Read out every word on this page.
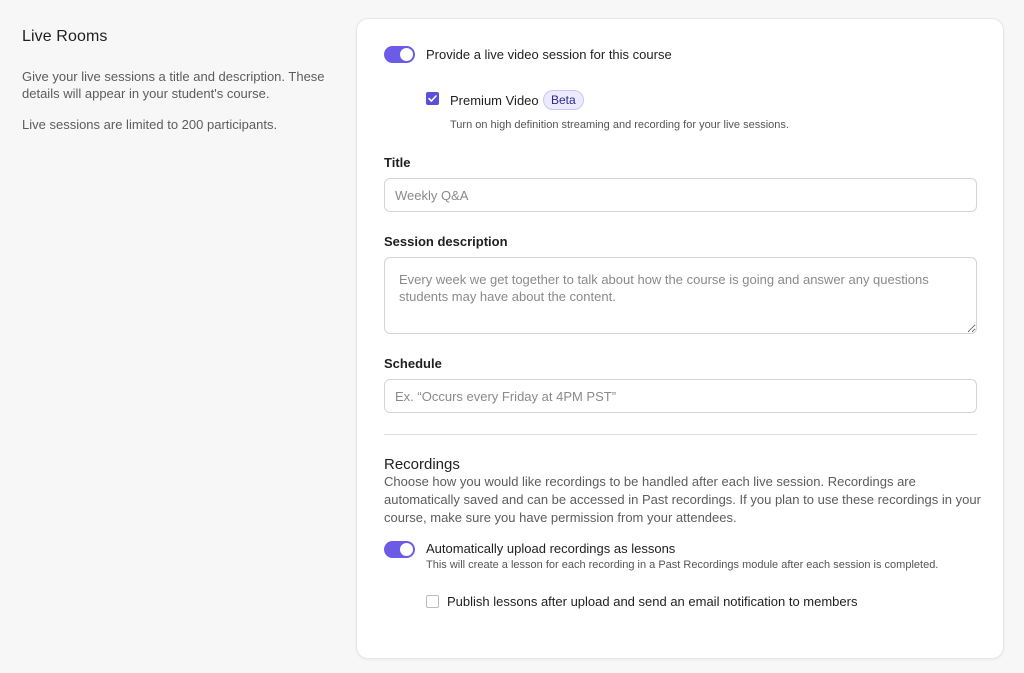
Live Rooms

Give your live sessions a title and description. These details will appear in your student's course.

Live sessions are limited to 200 participants.

Provide a live video session for this course
Premium Video	Beta
Turn on high definition streaming and recording for your live sessions.
Title
Weekly Q&A
Session description
Every week we get together to talk about how the course is going and answer any questions students may have about the content.
Schedule
Ex. “Occurs every Friday at 4PM PST”
Recordings

Choose how you would like recordings to be handled after each live session. Recordings are automatically saved and can be accessed in Past recordings. If you plan to use these recordings in your course, make sure you have permission from your attendees.

Automatically upload recordings as lessons
This will create a lesson for each recording in a Past Recordings module after each session is completed.
Publish lessons after upload and send an email notification to members
